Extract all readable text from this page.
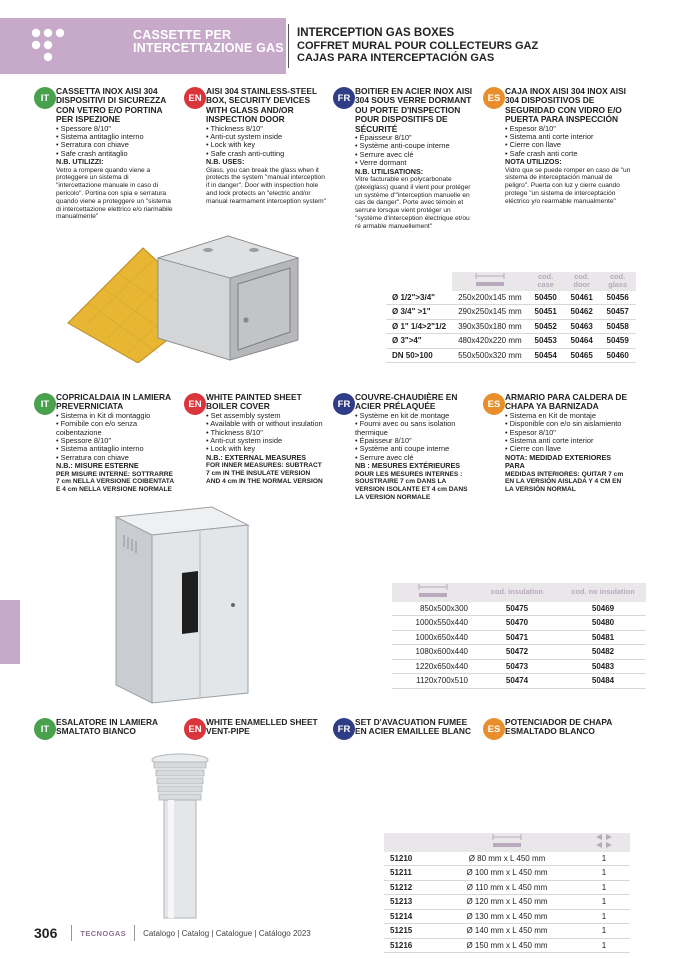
CASSETTE PER
INTERCETTAZIONE GAS
INTERCEPTION GAS BOXES
COFFRET MURAL POUR COLLECTEURS GAZ
CAJAS PARA INTERCEPTACIÓN GAS
IT
CASSETTA INOX AISI 304 DISPOSITIVI DI SICUREZZA CON VETRO E/O PORTINA PER ISPEZIONE
• Spessore 8/10"
• Sistema antitaglio interno
• Serratura con chiave
• Safe crash antitaglio
N.B. UTILIZZI:
Vetro a rompere quando viene a proteggere un sistema di "intercettazione manuale in caso di pericolo". Portina con spia e serratura quando viene a proteggere un "sistema di intercettazione elettrico e/o riarmabile manualmente"
EN
AISI 304 STAINLESS-STEEL BOX, SECURITY DEVICES WITH GLASS AND/OR INSPECTION DOOR
• Thickness 8/10"
• Anti-cut system inside
• Lock with key
• Safe crash anti-cutting
N.B. USES:
Glass, you can break the glass when it protects the system "manual interception if in danger". Door with inspection hole and lock protects an "electric and/or manual rearmament interception system"
FR
BOITIER EN ACIER INOX AISI 304 SOUS VERRE DORMANT OU PORTE D'INSPECTION POUR DISPOSITIFS DE SÉCURITÉ
• Épaisseur 8/10"
• Système anti-coupe interne
• Serrure avec clé
• Verre dormant
N.B. UTILISATIONS:
Vitre facturable en polycarbonate (plexiglass) quand il vient pour protéger un système d'"interception manuelle en cas de danger". Porte avec témoin et serrure lorsque vient protéger un "système d'interception électrique et/ou ré armable manuellement"
ES
CAJA INOX AISI 304 INOX AISI 304 DISPOSITIVOS DE SEGURIDAD CON VIDRO E/O PUERTA PARA INSPECCIÓN
• Espesor 8/10"
• Sistema anti corte interior
• Cierre con llave
• Safe crash anti corte
NOTA UTILIZOS:
Vidro que se puede romper en caso de "un sistema de interceptación manual de peligro". Puerta con luz y cierre cuando protege "un sistema de interceptación eléctrico y/o rearmable manualmente"
		cod. case	cod. door	cod. glass
Ø 1/2">3/4"	250x200x145 mm	50450	50461	50456
Ø 3/4" >1"	290x250x145 mm	50451	50462	50457
Ø 1" 1/4>2"1/2	390x350x180 mm	50452	50463	50458
Ø 3">4"	480x420x220 mm	50453	50464	50459
DN 50>100	550x500x320 mm	50454	50465	50460
IT
COPRICALDAIA IN LAMIERA PREVERNICIATA
• Sistema in Kit di montaggio
• Fornibile con e/o senza coibentazione
• Spessore 8/10"
• Sistema antitaglio interno
• Serratura con chiave
N.B.: MISURE ESTERNE
PER MISURE INTERNE: SOTTRARRE 7 cm NELLA VERSIONE COIBENTATA E 4 cm NELLA VERSIONE NORMALE
EN
WHITE PAINTED SHEET BOILER COVER
• Set assembly system
• Available with or without insulation
• Thickness 8/10"
• Anti-cut system inside
• Lock with key
N.B.: EXTERNAL MEASURES
FOR INNER MEASURES: SUBTRACT 7 cm IN THE INSULATE VERSION AND 4 cm IN THE NORMAL VERSION
FR
COUVRE-CHAUDIÈRE EN ACIER PRÉLAQUÉE
• Système en kit de montage
• Fourni avec ou sans isolation thermique
• Épaisseur 8/10"
• Système anti coupe interne
• Serrure avec clé
NB : MESURES EXTÉRIEURES
POUR LES MESURES INTERNES : SOUSTRAIRE 7 cm DANS LA VERSION ISOLANTE ET 4 cm DANS LA VERSION NORMALE
ES
ARMARIO PARA CALDERA DE CHAPA YA BARNIZADA
• Sistema en Kit de montaje
• Disponible con e/o sin aislamiento
• Espesor 8/10"
• Sistema anti corte interior
• Cierre con llave
NOTA: MEDIDAD EXTERIORES PARA
MEDIDAS INTERIORES: QUITAR 7 cm EN LA VERSIÓN AISLADA Y 4 CM EN LA VERSIÓN NORMAL
	cod. insulation	cod. no insulation
850x500x300	50475	50469
1000x550x440	50470	50480
1000x650x440	50471	50481
1080x600x440	50472	50482
1220x650x440	50473	50483
1120x700x510	50474	50484
IT
ESALATORE IN LAMIERA SMALTATO BIANCO	EN
WHITE ENAMELLED SHEET VENT-PIPE	FR
SET D'AVACUATION FUMEE EN ACIER EMAILLEE BLANC	ES
POTENCIADOR DE CHAPA ESMALTADO BLANCO

51210	Ø 80 mm x L 450 mm	1
51211	Ø 100 mm x L 450 mm	1
51212	Ø 110 mm x L 450 mm	1
51213	Ø 120 mm x L 450 mm	1
51214	Ø 130 mm x L 450 mm	1
51215	Ø 140 mm x L 450 mm	1
51216	Ø 150 mm x L 450 mm	1
306	TECNOGAS Catalogo | Catalog | Catalogue | Catálogo 2023
